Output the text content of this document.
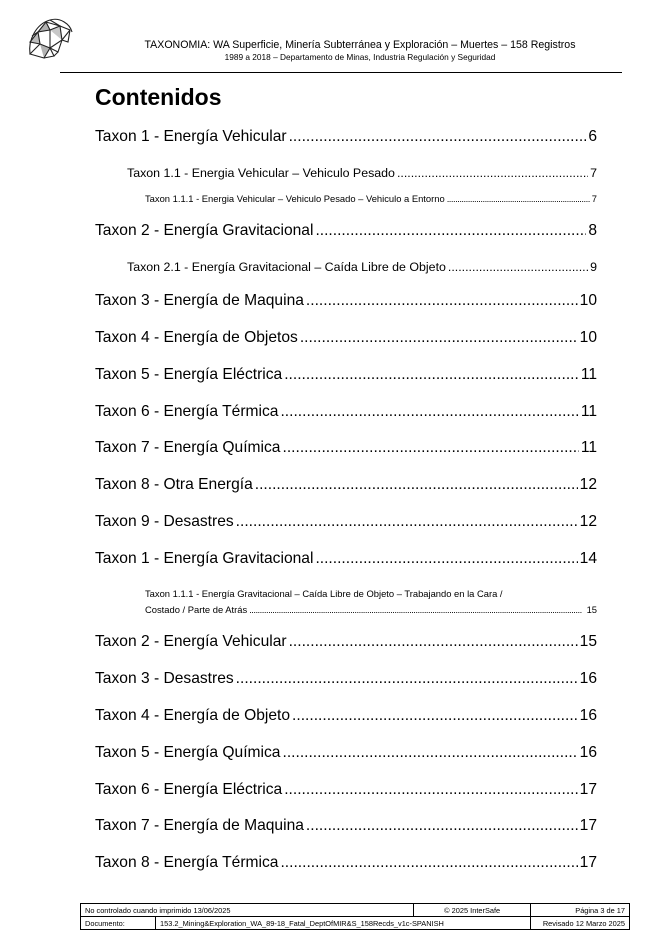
TAXONOMIA: WA Superficie, Minería Subterránea y Exploración – Muertes – 158 Registros
1989 a 2018 – Departamento de Minas, Industria Regulación y Seguridad
Contenidos
Taxon 1 - Energía Vehicular .....	6
Taxon 1.1 - Energia Vehicular – Vehiculo Pesado .....	7
Taxon 1.1.1 - Energia Vehicular – Vehiculo Pesado – Vehiculo a Entorno .....	7
Taxon 2 - Energía Gravitacional .....	8
Taxon 2.1 - Energía Gravitacional – Caída Libre de Objeto .....	9
Taxon 3 - Energía de Maquina .....	10
Taxon 4 - Energía de Objetos .....	10
Taxon 5 - Energía Eléctrica .....	11
Taxon 6 - Energía Térmica .....	11
Taxon 7 - Energía Química .....	11
Taxon 8 - Otra Energía .....	12
Taxon 9 - Desastres .....	12
Taxon 1 - Energía Gravitacional .....	14
Taxon 1.1.1 - Energía Gravitacional – Caída Libre de Objeto – Trabajando en la Cara /
Costado / Parte de Atrás .....	15
Taxon 2 - Energía Vehicular .....	15
Taxon 3 - Desastres .....	16
Taxon 4 - Energía de Objeto .....	16
Taxon 5 - Energía Química .....	16
Taxon 6 - Energía Eléctrica .....	17
Taxon 7 - Energía de Maquina .....	17
Taxon 8 - Energía Térmica .....	17
No controlado cuando imprimido 13/06/2025		© 2025 InterSafe	Página 3 de 17
Documento:	153.2_Mining&Exploration_WA_89-18_Fatal_DeptOfMIR&S_158Recds_v1c-SPANISH		Revisado 12 Marzo 2025
